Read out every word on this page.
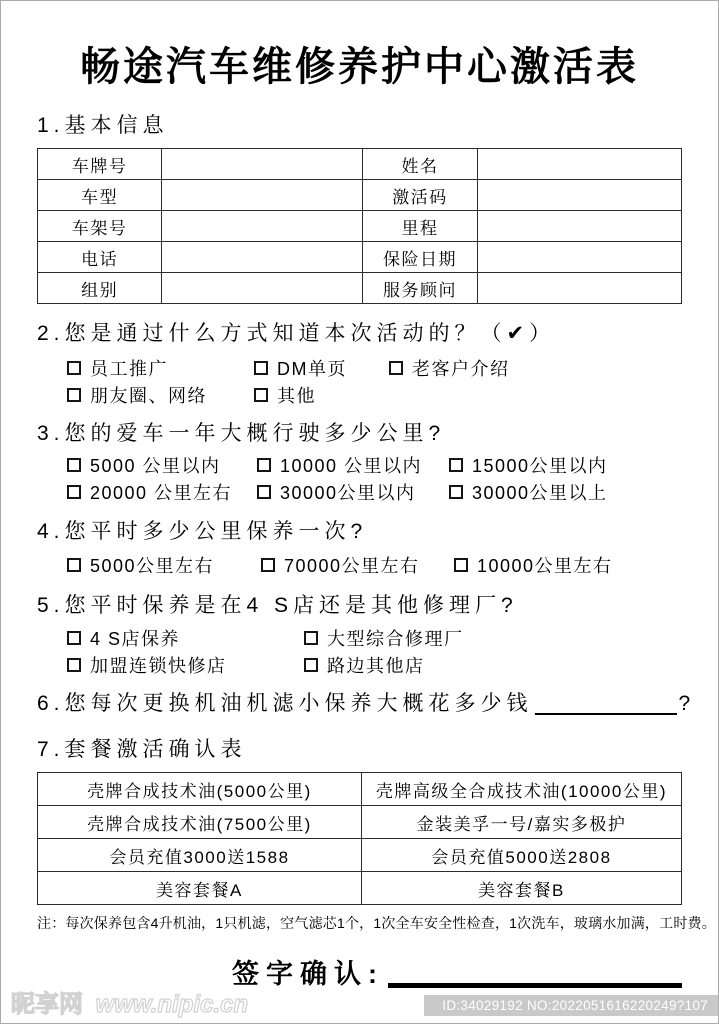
畅途汽车维修养护中心激活表
1.基本信息
车牌号		姓名	
车型		激活码	
车架号		里程	
电话		保险日期	
组别		服务顾问	
2.您是通过什么方式知道本次活动的？（✔）
员工推广	DM单页	老客户介绍
朋友圈、网络	其他
3.您的爱车一年大概行驶多少公里?
5000 公里以内	10000 公里以内	15000公里以内
20000 公里左右	30000公里以内	30000公里以上
4.您平时多少公里保养一次?
5000公里左右	70000公里左右	10000公里左右
5.您平时保养是在4 S店还是其他修理厂?
4 S店保养	大型综合修理厂
加盟连锁快修店	路边其他店
6.您每次更换机油机滤小保养大概花多少钱	?
7.套餐激活确认表
壳牌合成技术油(5000公里)	壳牌高级全合成技术油(10000公里)
壳牌合成技术油(7500公里)	金装美孚一号/嘉实多极护
会员充值3000送1588	会员充值5000送2808
美容套餐A	美容套餐B
注：每次保养包含4升机油，1只机滤，空气滤芯1个，1次全车安全性检查，1次洗车，玻璃水加满，工时费。
签字确认:
昵享网 www.nipic.cn	ID:34029192 NO:2022051616220249?107
